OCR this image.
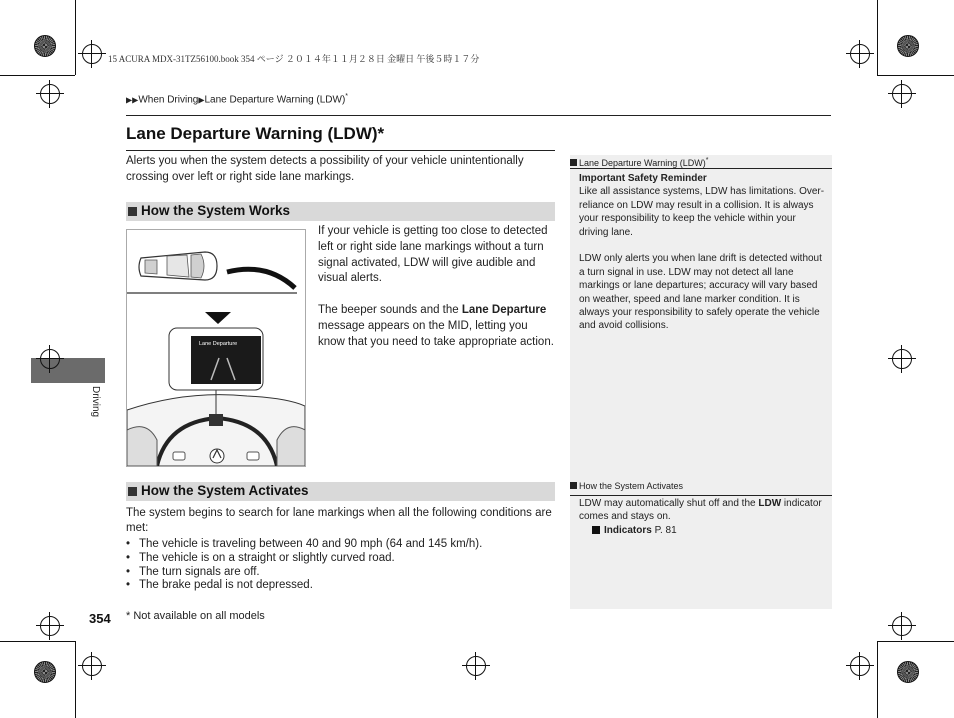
15 ACURA MDX-31TZ56100.book 354 ページ ２０１４年１１月２８日 金曜日 午後５時１７分
▶▶When Driving▶Lane Departure Warning (LDW)*
Lane Departure Warning (LDW)*
Alerts you when the system detects a possibility of your vehicle unintentionally crossing over left or right side lane markings.
How the System Works
Lane Departure
If your vehicle is getting too close to detected left or right side lane markings without a turn signal activated, LDW will give audible and visual alerts.
The beeper sounds and the Lane Departure message appears on the MID, letting you know that you need to take appropriate action.
How the System Activates
The system begins to search for lane markings when all the following conditions are met:
• The vehicle is traveling between 40 and 90 mph (64 and 145 km/h).
• The vehicle is on a straight or slightly curved road.
• The turn signals are off.
• The brake pedal is not depressed.
Driving
354 * Not available on all models
Lane Departure Warning (LDW)*
Important Safety Reminder

Like all assistance systems, LDW has limitations. Over-reliance on LDW may result in a collision. It is always your responsibility to keep the vehicle within your driving lane.

LDW only alerts you when lane drift is detected without a turn signal in use. LDW may not detect all lane markings or lane departures; accuracy will vary based on weather, speed and lane marker condition. It is always your responsibility to safely operate the vehicle and avoid collisions.

How the System Activates
LDW may automatically shut off and the LDW indicator comes and stays on.
Indicators P. 81
